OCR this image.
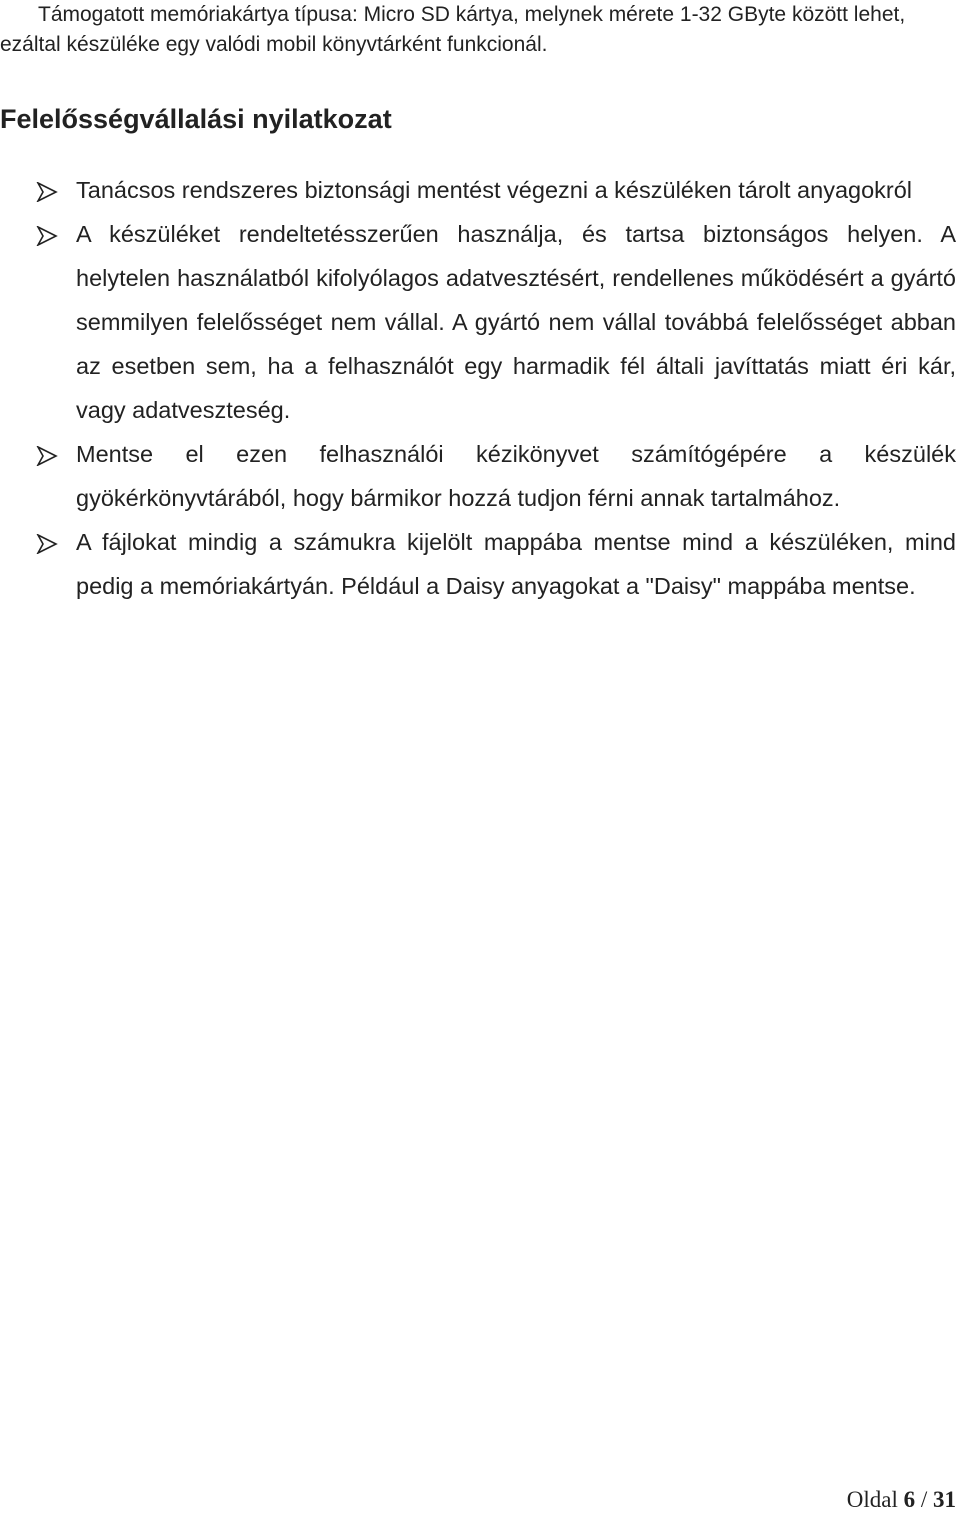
Támogatott memóriakártya típusa: Micro SD kártya, melynek mérete 1-32 GByte között lehet, ezáltal készüléke egy valódi mobil könyvtárként funkcionál.

Felelősségvállalási nyilatkozat
Tanácsos rendszeres biztonsági mentést végezni a készüléken tárolt anyagokról
A készüléket rendeltetésszerűen használja, és tartsa biztonságos helyen. A helytelen használatból kifolyólagos adatvesztésért, rendellenes működésért a gyártó semmilyen felelősséget nem vállal. A gyártó nem vállal továbbá felelősséget abban az esetben sem, ha a felhasználót egy harmadik fél általi javíttatás miatt éri kár, vagy adatveszteség.
Mentse el ezen felhasználói kézikönyvet számítógépére a készülék gyökérkönyvtárából, hogy bármikor hozzá tudjon férni annak tartalmához.
A fájlokat mindig a számukra kijelölt mappába mentse mind a készüléken, mind pedig a memóriakártyán. Például a Daisy anyagokat a "Daisy" mappába mentse.
Oldal 6 / 31
